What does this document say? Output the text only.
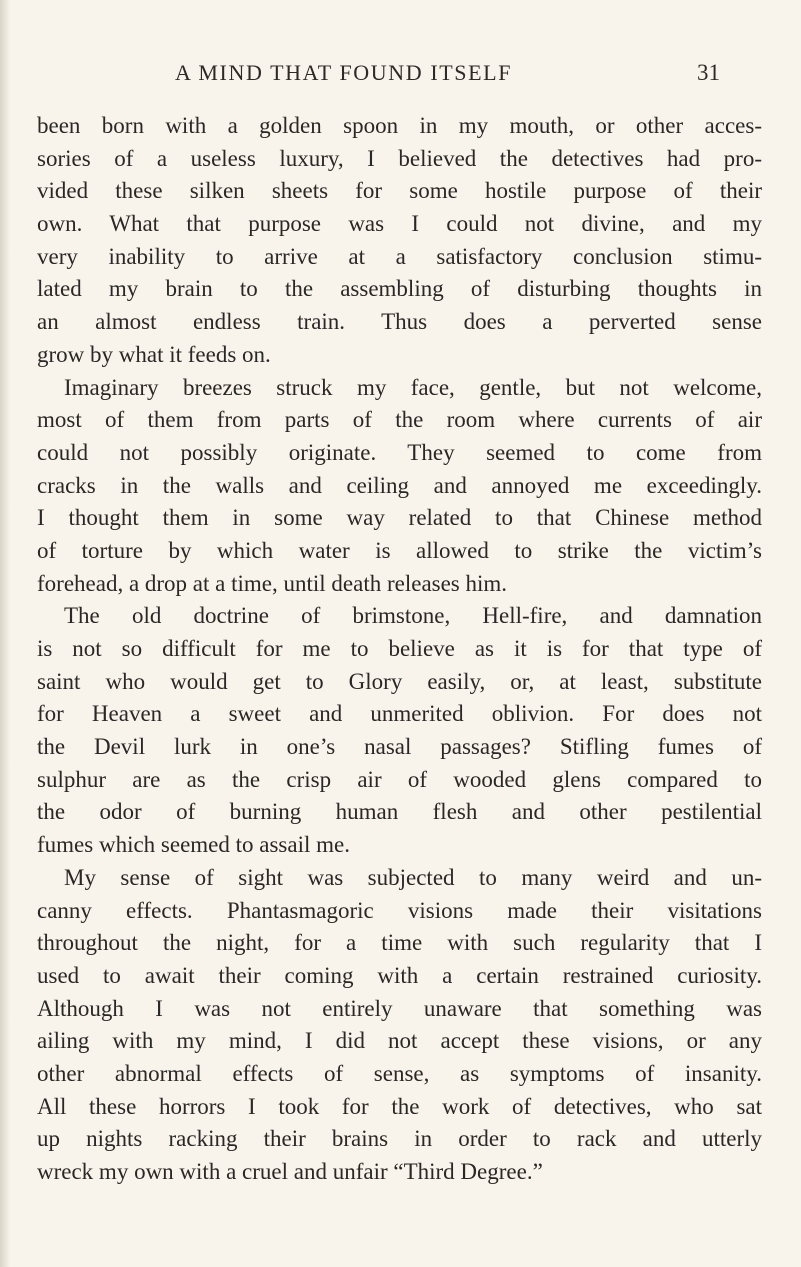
A MIND THAT FOUND ITSELF	31
been born with a golden spoon in my mouth, or other acces-
sories of a useless luxury, I believed the detectives had pro-
vided these silken sheets for some hostile purpose of their
own. What that purpose was I could not divine, and my
very inability to arrive at a satisfactory conclusion stimu-
lated my brain to the assembling of disturbing thoughts in
an almost endless train. Thus does a perverted sense
grow by what it feeds on.
Imaginary breezes struck my face, gentle, but not welcome,
most of them from parts of the room where currents of air
could not possibly originate. They seemed to come from
cracks in the walls and ceiling and annoyed me exceedingly.
I thought them in some way related to that Chinese method
of torture by which water is allowed to strike the victim’s
forehead, a drop at a time, until death releases him.
The old doctrine of brimstone, Hell-fire, and damnation
is not so difficult for me to believe as it is for that type of
saint who would get to Glory easily, or, at least, substitute
for Heaven a sweet and unmerited oblivion. For does not
the Devil lurk in one’s nasal passages? Stifling fumes of
sulphur are as the crisp air of wooded glens compared to
the odor of burning human flesh and other pestilential
fumes which seemed to assail me.
My sense of sight was subjected to many weird and un-
canny effects. Phantasmagoric visions made their visitations
throughout the night, for a time with such regularity that I
used to await their coming with a certain restrained curiosity.
Although I was not entirely unaware that something was
ailing with my mind, I did not accept these visions, or any
other abnormal effects of sense, as symptoms of insanity.
All these horrors I took for the work of detectives, who sat
up nights racking their brains in order to rack and utterly
wreck my own with a cruel and unfair “Third Degree.”
